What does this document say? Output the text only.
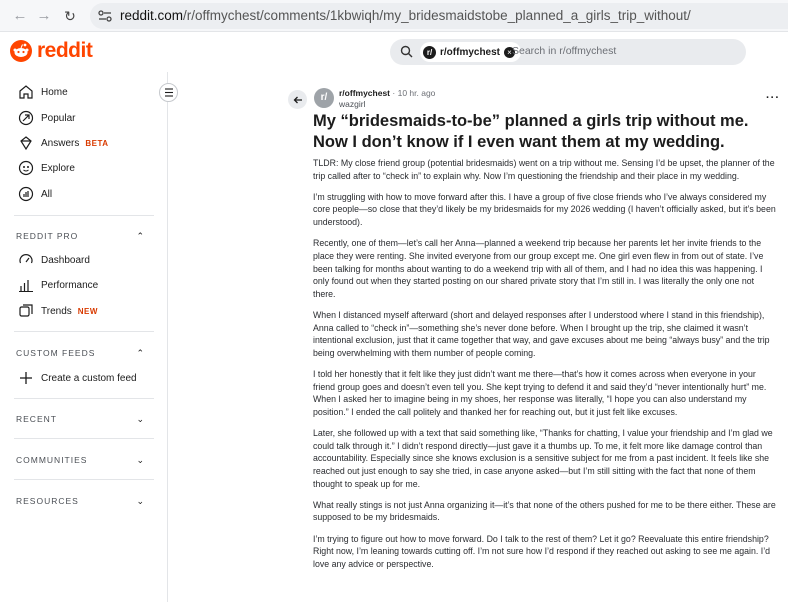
← → ↻	reddit.com/r/offmychest/comments/1kbwiqh/my_bridesmaidstobe_planned_a_girls_trip_without/
reddit	r/ r/offmychest × Search in r/offmychest
Home
Popular
Answers BETA
Explore
All
REDDIT PRO	⌃
Dashboard
Performance
Trends NEW
CUSTOM FEEDS	⌃
Create a custom feed
RECENT	⌄
COMMUNITIES	⌄
RESOURCES	⌄
r/	r/offmychest · 10 hr. ago
wazgirl	···
My “bridesmaids-to-be” planned a girls trip without me. Now I don’t know if I even want them at my wedding.

TLDR: My close friend group (potential bridesmaids) went on a trip without me. Sensing I’d be upset, the planner of the trip called after to “check in” to explain why. Now I’m questioning the friendship and their place in my wedding.

I’m struggling with how to move forward after this. I have a group of five close friends who I’ve always considered my core people—so close that they’d likely be my bridesmaids for my 2026 wedding (I haven’t officially asked, but it’s been understood).

Recently, one of them—let’s call her Anna—planned a weekend trip because her parents let her invite friends to the place they were renting. She invited everyone from our group except me. One girl even flew in from out of state. I’ve been talking for months about wanting to do a weekend trip with all of them, and I had no idea this was happening. I only found out when they started posting on our shared private story that I’m still in. I was literally the only one not there.

When I distanced myself afterward (short and delayed responses after I understood where I stand in this friendship), Anna called to “check in”—something she’s never done before. When I brought up the trip, she claimed it wasn’t intentional exclusion, just that it came together that way, and gave excuses about me being “always busy” and the trip being overwhelming with them number of people coming.

I told her honestly that it felt like they just didn’t want me there—that’s how it comes across when everyone in your friend group goes and doesn’t even tell you. She kept trying to defend it and said they’d “never intentionally hurt” me. When I asked her to imagine being in my shoes, her response was literally, “I hope you can also understand my position.” I ended the call politely and thanked her for reaching out, but it just felt like excuses.

Later, she followed up with a text that said something like, “Thanks for chatting, I value your friendship and I’m glad we could talk through it.” I didn’t respond directly—just gave it a thumbs up. To me, it felt more like damage control than accountability. Especially since she knows exclusion is a sensitive subject for me from a past incident. It feels like she reached out just enough to say she tried, in case anyone asked—but I’m still sitting with the fact that none of them thought to speak up for me.

What really stings is not just Anna organizing it—it’s that none of the others pushed for me to be there either. These are supposed to be my bridesmaids.

I’m trying to figure out how to move forward. Do I talk to the rest of them? Let it go? Reevaluate this entire friendship? Right now, I’m leaning towards cutting off. I’m not sure how I’d respond if they reached out asking to see me again. I’d love any advice or perspective.
